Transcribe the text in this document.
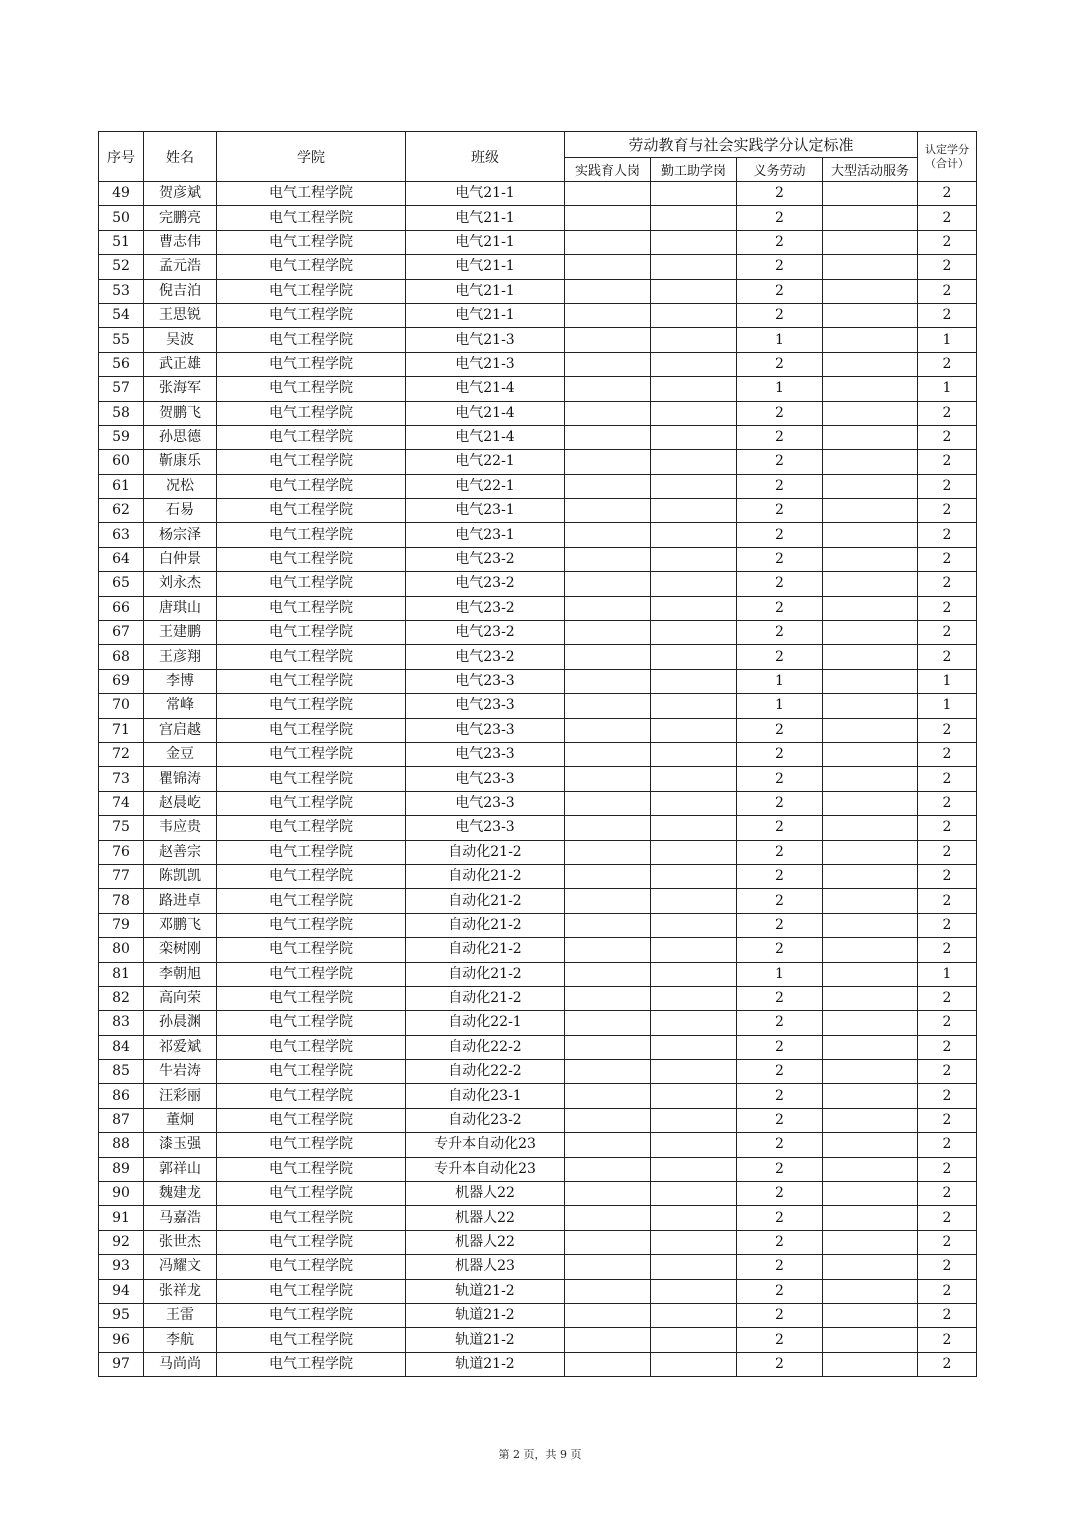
序号	姓名	学院	班级	劳动教育与社会实践学分认定标准				认定学分
（合计）

				实践育人岗	勤工助学岗	义务劳动	大型活动服务	
49	贺彦斌	电气工程学院	电气21-1			2		2
50	完鹏亮	电气工程学院	电气21-1			2		2
51	曹志伟	电气工程学院	电气21-1			2		2
52	孟元浩	电气工程学院	电气21-1			2		2
53	倪吉泊	电气工程学院	电气21-1			2		2
54	王思锐	电气工程学院	电气21-1			2		2
55	吴波	电气工程学院	电气21-3			1		1
56	武正雄	电气工程学院	电气21-3			2		2
57	张海军	电气工程学院	电气21-4			1		1
58	贺鹏飞	电气工程学院	电气21-4			2		2
59	孙思德	电气工程学院	电气21-4			2		2
60	靳康乐	电气工程学院	电气22-1			2		2
61	况松	电气工程学院	电气22-1			2		2
62	石易	电气工程学院	电气23-1			2		2
63	杨宗泽	电气工程学院	电气23-1			2		2
64	白仲景	电气工程学院	电气23-2			2		2
65	刘永杰	电气工程学院	电气23-2			2		2
66	唐琪山	电气工程学院	电气23-2			2		2
67	王建鹏	电气工程学院	电气23-2			2		2
68	王彦翔	电气工程学院	电气23-2			2		2
69	李博	电气工程学院	电气23-3			1		1
70	常峰	电气工程学院	电气23-3			1		1
71	宫启越	电气工程学院	电气23-3			2		2
72	金豆	电气工程学院	电气23-3			2		2
73	瞿锦涛	电气工程学院	电气23-3			2		2
74	赵晨屹	电气工程学院	电气23-3			2		2
75	韦应贵	电气工程学院	电气23-3			2		2
76	赵善宗	电气工程学院	自动化21-2			2		2
77	陈凯凯	电气工程学院	自动化21-2			2		2
78	路进卓	电气工程学院	自动化21-2			2		2
79	邓鹏飞	电气工程学院	自动化21-2			2		2
80	栾树刚	电气工程学院	自动化21-2			2		2
81	李朝旭	电气工程学院	自动化21-2			1		1
82	高向荣	电气工程学院	自动化21-2			2		2
83	孙晨渊	电气工程学院	自动化22-1			2		2
84	祁爱斌	电气工程学院	自动化22-2			2		2
85	牛岩涛	电气工程学院	自动化22-2			2		2
86	汪彩丽	电气工程学院	自动化23-1			2		2
87	董炯	电气工程学院	自动化23-2			2		2
88	漆玉强	电气工程学院	专升本自动化23			2		2
89	郭祥山	电气工程学院	专升本自动化23			2		2
90	魏建龙	电气工程学院	机器人22			2		2
91	马嘉浩	电气工程学院	机器人22			2		2
92	张世杰	电气工程学院	机器人22			2		2
93	冯耀文	电气工程学院	机器人23			2		2
94	张祥龙	电气工程学院	轨道21-2			2		2
95	王雷	电气工程学院	轨道21-2			2		2
96	李航	电气工程学院	轨道21-2			2		2
97	马尚尚	电气工程学院	轨道21-2			2		2
第 2 页，共 9 页
